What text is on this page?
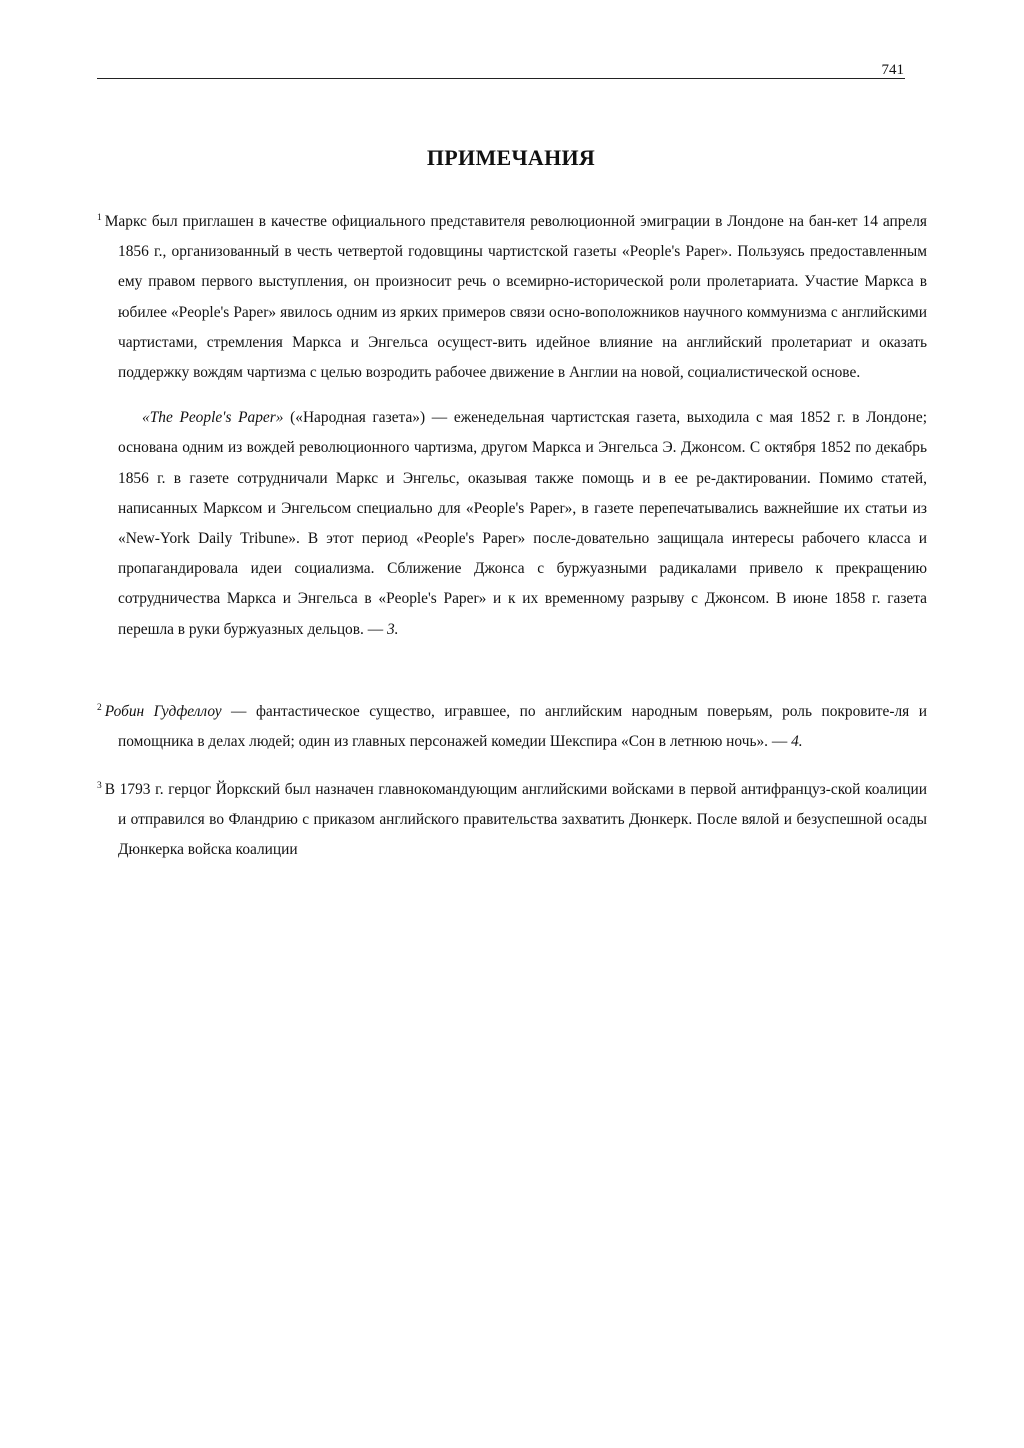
741
ПРИМЕЧАНИЯ

$^1$ Маркс был приглашен в качестве официального представителя революционной эмиграции в Лондоне на бан-кет 14 апреля 1856 г., организованный в честь четвертой годовщины чартистской газеты «People's Paper». Пользуясь предоставленным ему правом первого выступления, он произносит речь о всемирно-исторической роли пролетариата. Участие Маркса в юбилее «People's Paper» явилось одним из ярких примеров связи осно-воположников научного коммунизма с английскими чартистами, стремления Маркса и Энгельса осущест-вить идейное влияние на английский пролетариат и оказать поддержку вождям чартизма с целью возродить рабочее движение в Англии на новой, социалистической основе.

«The People's Paper» («Народная газета») — еженедельная чартистская газета, выходила с мая 1852 г. в Лондоне; основана одним из вождей революционного чартизма, другом Маркса и Энгельса Э. Джонсом. С октября 1852 по декабрь 1856 г. в газете сотрудничали Маркс и Энгельс, оказывая также помощь и в ее ре-дактировании. Помимо статей, написанных Марксом и Энгельсом специально для «People's Paper», в газете перепечатывались важнейшие их статьи из «New-York Daily Tribune». В этот период «People's Paper» после-довательно защищала интересы рабочего класса и пропагандировала идеи социализма. Сближение Джонса с буржуазными радикалами привело к прекращению сотрудничества Маркса и Энгельса в «People's Paper» и к их временному разрыву с Джонсом. В июне 1858 г. газета перешла в руки буржуазных дельцов. — 3.

$^2$ Робин Гудфеллоу — фантастическое существо, игравшее, по английским народным поверьям, роль покровите-ля и помощника в делах людей; один из главных персонажей комедии Шекспира «Сон в летнюю ночь». — 4.

$^3$ В 1793 г. герцог Йоркский был назначен главнокомандующим английскими войсками в первой антифранцуз-ской коалиции и отправился во Фландрию с приказом английского правительства захватить Дюнкерк. После вялой и безуспешной осады Дюнкерка войска коалиции
